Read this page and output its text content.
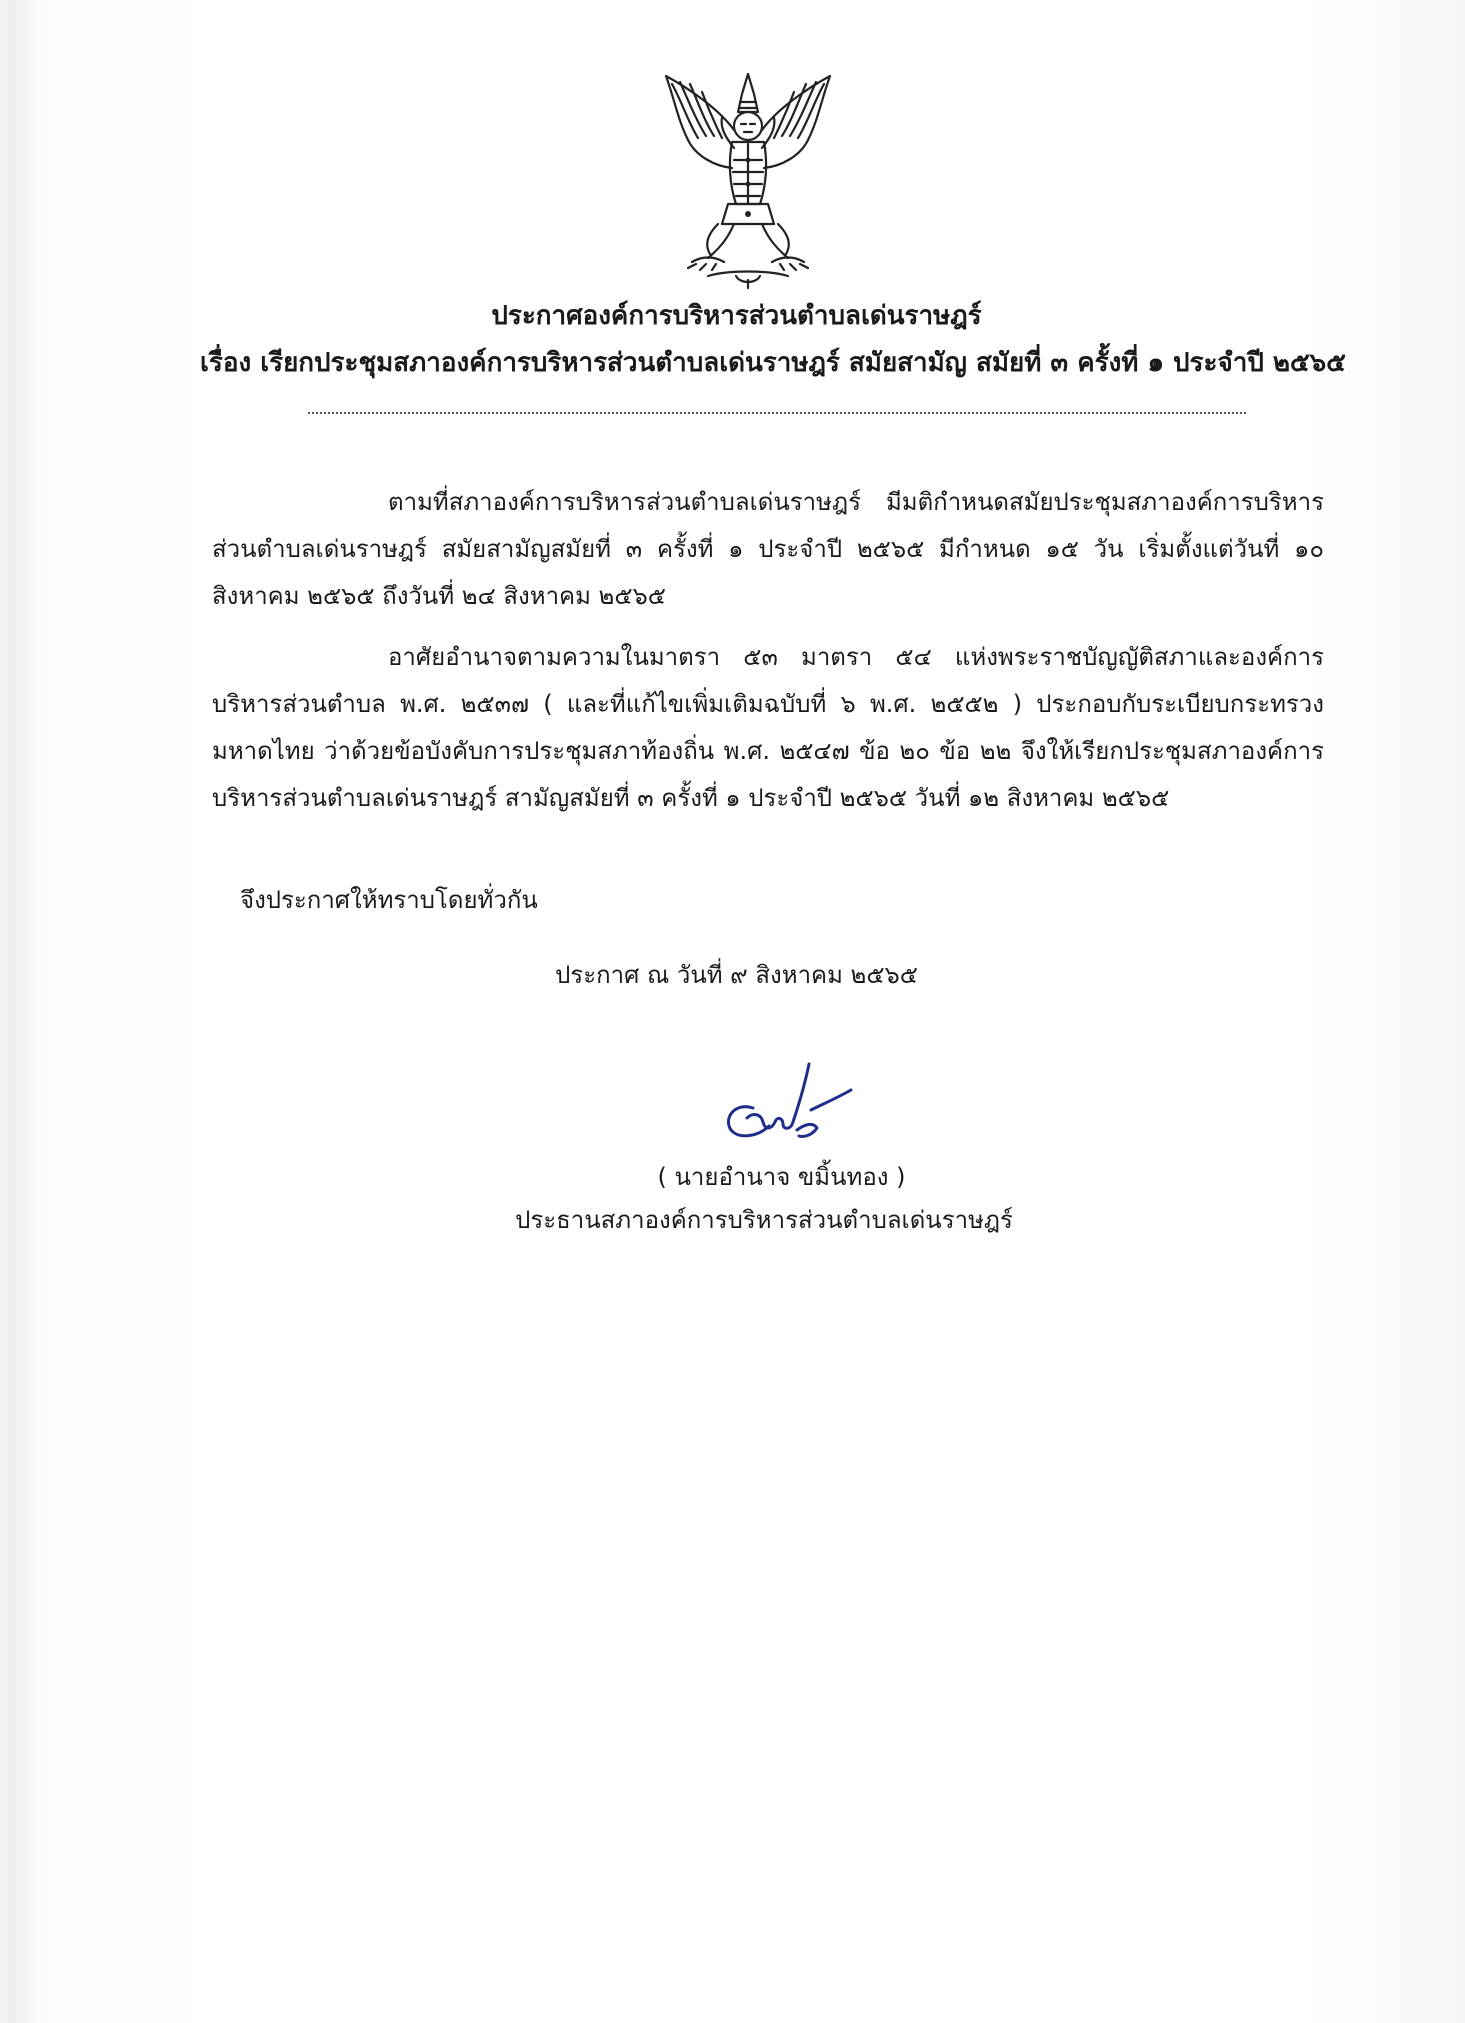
ประกาศองค์การบริหารส่วนตำบลเด่นราษฎร์
เรื่อง เรียกประชุมสภาองค์การบริหารส่วนตำบลเด่นราษฎร์ สมัยสามัญ สมัยที่ ๓ ครั้งที่ ๑ ประจำปี ๒๕๖๕

ตามที่สภาองค์การบริหารส่วนตำบลเด่นราษฎร์ มีมติกำหนดสมัยประชุมสภาองค์การบริหารส่วนตำบลเด่นราษฎร์ สมัยสามัญสมัยที่ ๓ ครั้งที่ ๑ ประจำปี ๒๕๖๕ มีกำหนด ๑๕ วัน เริ่มตั้งแต่วันที่ ๑๐ สิงหาคม ๒๕๖๕ ถึงวันที่ ๒๔ สิงหาคม ๒๕๖๕

อาศัยอำนาจตามความในมาตรา ๕๓ มาตรา ๕๔ แห่งพระราชบัญญัติสภาและองค์การบริหารส่วนตำบล พ.ศ. ๒๕๓๗ ( และที่แก้ไขเพิ่มเติมฉบับที่ ๖ พ.ศ. ๒๕๕๒ ) ประกอบกับระเบียบกระทรวงมหาดไทย ว่าด้วยข้อบังคับการประชุมสภาท้องถิ่น พ.ศ. ๒๕๔๗ ข้อ ๒๐ ข้อ ๒๒ จึงให้เรียกประชุมสภาองค์การบริหารส่วนตำบลเด่นราษฎร์ สามัญสมัยที่ ๓ ครั้งที่ ๑ ประจำปี ๒๕๖๕ วันที่ ๑๒ สิงหาคม ๒๕๖๕

จึงประกาศให้ทราบโดยทั่วกัน
ประกาศ ณ วันที่ ๙ สิงหาคม ๒๕๖๕
( นายอำนาจ ขมิ้นทอง )
ประธานสภาองค์การบริหารส่วนตำบลเด่นราษฎร์
